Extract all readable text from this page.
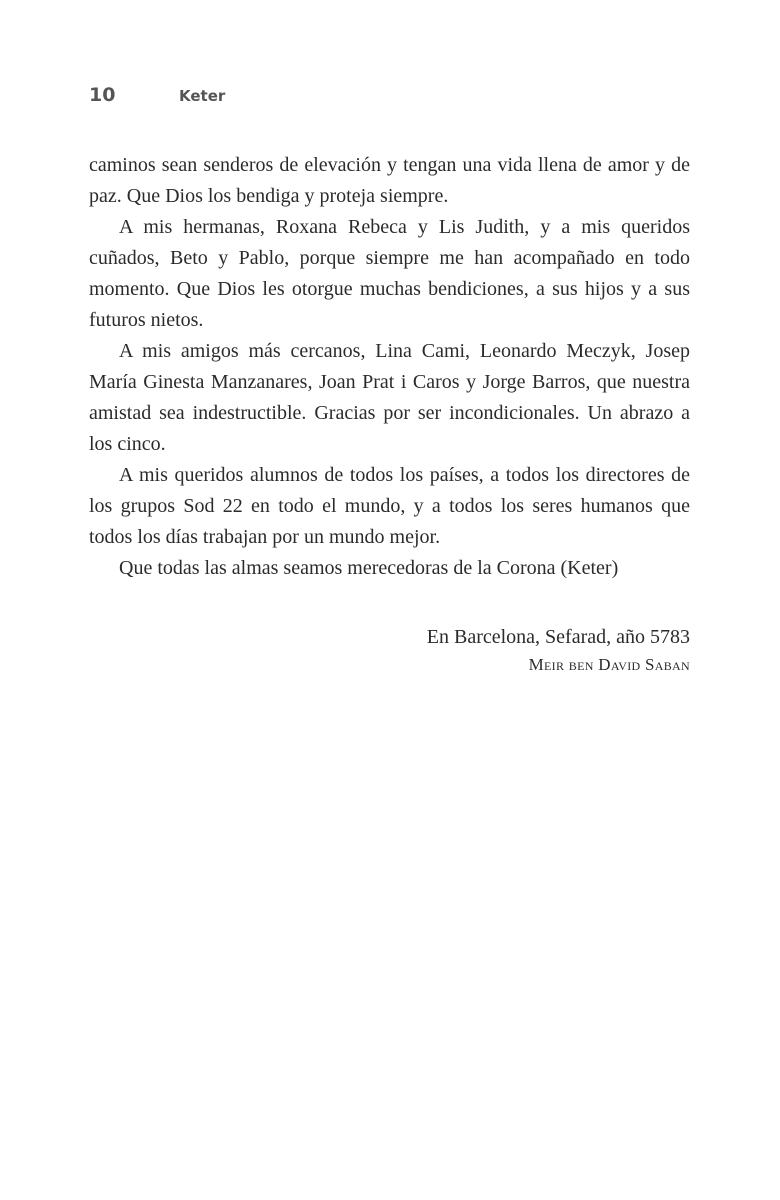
10	Keter

caminos sean senderos de elevación y tengan una vida llena de amor y de paz. Que Dios los bendiga y proteja siempre.

A mis hermanas, Roxana Rebeca y Lis Judith, y a mis queridos cuñados, Beto y Pablo, porque siempre me han acompañado en todo momento. Que Dios les otorgue muchas bendiciones, a sus hijos y a sus futuros nietos.

A mis amigos más cercanos, Lina Cami, Leonardo Meczyk, Josep María Ginesta Manzanares, Joan Prat i Caros y Jorge Barros, que nuestra amistad sea indestructible. Gracias por ser incondicionales. Un abrazo a los cinco.

A mis queridos alumnos de todos los países, a todos los directores de los grupos Sod 22 en todo el mundo, y a todos los seres humanos que todos los días trabajan por un mundo mejor.

Que todas las almas seamos merecedoras de la Corona (Keter)

En Barcelona, Sefarad, año 5783
Meir ben David Saban
